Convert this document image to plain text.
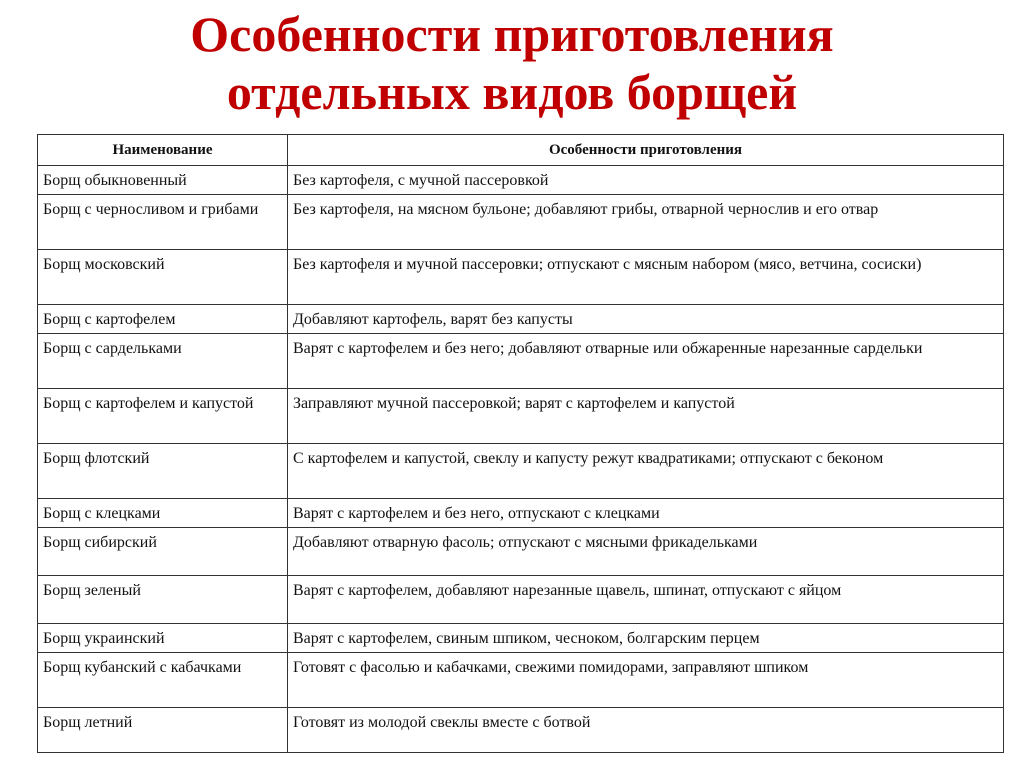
Особенности приготовления
отдельных видов борщей
Наименование	Особенности приготовления
Борщ обыкновенный	Без картофеля, с мучной пассеровкой
Борщ с черносливом и грибами	Без картофеля, на мясном бульоне; добавляют грибы, отварной чернослив и его отвар
Борщ московский	Без картофеля и мучной пассеровки; отпускают с мясным набором (мясо, ветчина, сосиски)
Борщ с картофелем	Добавляют картофель, варят без капусты
Борщ с сардельками	Варят с картофелем и без него; добавляют отварные или обжаренные нарезанные сардельки
Борщ с картофелем и капустой	Заправляют мучной пассеровкой; варят с картофелем и капустой
Борщ флотский	С картофелем и капустой, свеклу и капусту режут квадратиками; отпускают с беконом
Борщ с клецками	Варят с картофелем и без него, отпускают с клецками
Борщ сибирский	Добавляют отварную фасоль; отпускают с мясными фрикадельками
Борщ зеленый	Варят с картофелем, добавляют нарезанные щавель, шпинат, отпускают с яйцом
Борщ украинский	Варят с картофелем, свиным шпиком, чесноком, болгарским перцем
Борщ кубанский с кабачками	Готовят с фасолью и кабачками, свежими помидорами, заправляют шпиком
Борщ летний	Готовят из молодой свеклы вместе с ботвой
